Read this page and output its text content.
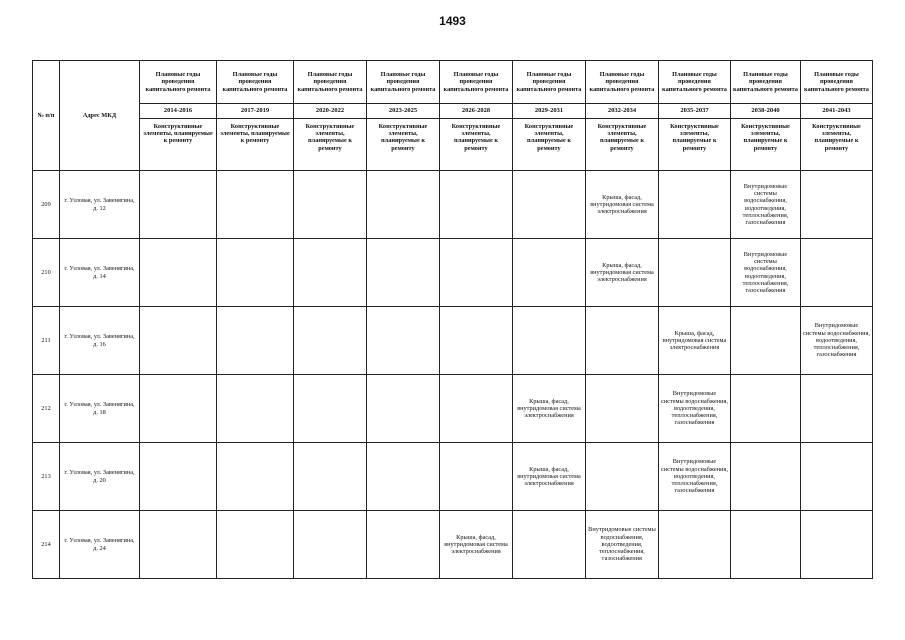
1493
№ п/п	Адрес МКД	Плановые годы проведения капитального ремонта	Плановые годы проведения капитального ремонта	Плановые годы проведения капитального ремонта	Плановые годы проведения капитального ремонта	Плановые годы проведения капитального ремонта	Плановые годы проведения капитального ремонта	Плановые годы проведения капитального ремонта	Плановые годы проведения капитального ремонта	Плановые годы проведения капитального ремонта	Плановые годы проведения капитального ремонта
		2014-2016	2017-2019	2020-2022	2023-2025	2026-2028	2029-2031	2032-2034	2035-2037	2038-2040	2041-2043
		Конструктивные элементы, планируемые к ремонту	Конструктивные элементы, планируемые к ремонту	Конструктивные элементы, планируемые к ремонту	Конструктивные элементы, планируемые к ремонту	Конструктивные элементы, планируемые к ремонту	Конструктивные элементы, планируемые к ремонту	Конструктивные элементы, планируемые к ремонту	Конструктивные элементы, планируемые к ремонту	Конструктивные элементы, планируемые к ремонту	Конструктивные элементы, планируемые к ремонту
209	г. Узловая, ул. Завенягина, д. 12							Крыша, фасад, внутридомовая система электроснабжения		Внутридомовые системы водоснабжения, водоотведения, теплоснабжения, газоснабжения	
210	г. Узловая, ул. Завенягина, д. 14							Крыша, фасад, внутридомовая система электроснабжения		Внутридомовые системы водоснабжения, водоотведения, теплоснабжения, газоснабжения	
211	г. Узловая, ул. Завенягина, д. 16								Крыша, фасад, внутридомовая система электроснабжения		Внутридомовые системы водоснабжения, водоотведения, теплоснабжения, газоснабжения
212	г. Узловая, ул. Завенягина, д. 18						Крыша, фасад, внутридомовая система электроснабжения		Внутридомовые системы водоснабжения, водоотведения, теплоснабжения, газоснабжения		
213	г. Узловая, ул. Завенягина, д. 20						Крыша, фасад, внутридомовая система электроснабжения		Внутридомовые системы водоснабжения, водоотведения, теплоснабжения, газоснабжения		
214	г. Узловая, ул. Завенягина, д. 24					Крыша, фасад, внутридомовая система электроснабжения		Внутридомовые системы водоснабжения, водоотведения, теплоснабжения, газоснабжения			
